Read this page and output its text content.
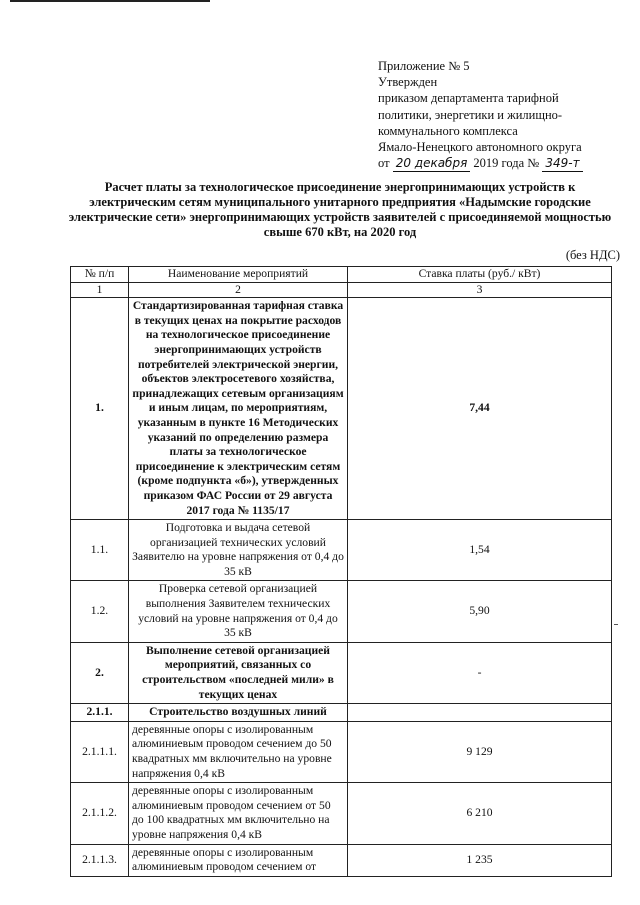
Приложение № 5
Утвержден
приказом департамента тарифной
политики, энергетики и жилищно-
коммунального комплекса
Ямало-Ненецкого автономного округа
от 20 декабря 2019 года № 349-т
Расчет платы за технологическое присоединение энергопринимающих устройств к электрическим сетям муниципального унитарного предприятия «Надымские городские электрические сети» энергопринимающих устройств заявителей с присоединяемой мощностью свыше 670 кВт, на 2020 год
(без НДС)
№ п/п	Наименование мероприятий	Ставка платы (руб./ кВт)
1	2	3
1.	Стандартизированная тарифная ставка в текущих ценах на покрытие расходов на технологическое присоединение энергопринимающих устройств потребителей электрической энергии, объектов электросетевого хозяйства, принадлежащих сетевым организациям и иным лицам, по мероприятиям, указанным в пункте 16 Методических указаний по определению размера платы за технологическое присоединение к электрическим сетям (кроме подпункта «б»), утвержденных приказом ФАС России от 29 августа 2017 года № 1135/17	7,44
1.1.	Подготовка и выдача сетевой организацией технических условий Заявителю на уровне напряжения от 0,4 до 35 кВ	1,54
1.2.	Проверка сетевой организацией выполнения Заявителем технических условий на уровне напряжения от 0,4 до 35 кВ	5,90
2.	Выполнение сетевой организацией мероприятий, связанных со строительством «последней мили» в текущих ценах	-
2.1.1.	Строительство воздушных линий	
2.1.1.1.	деревянные опоры с изолированным алюминиевым проводом сечением до 50 квадратных мм включительно на уровне напряжения 0,4 кВ	9 129
2.1.1.2.	деревянные опоры с изолированным алюминиевым проводом сечением от 50 до 100 квадратных мм включительно на уровне напряжения 0,4 кВ	6 210
2.1.1.3.	деревянные опоры с изолированным алюминиевым проводом сечением от	1 235
